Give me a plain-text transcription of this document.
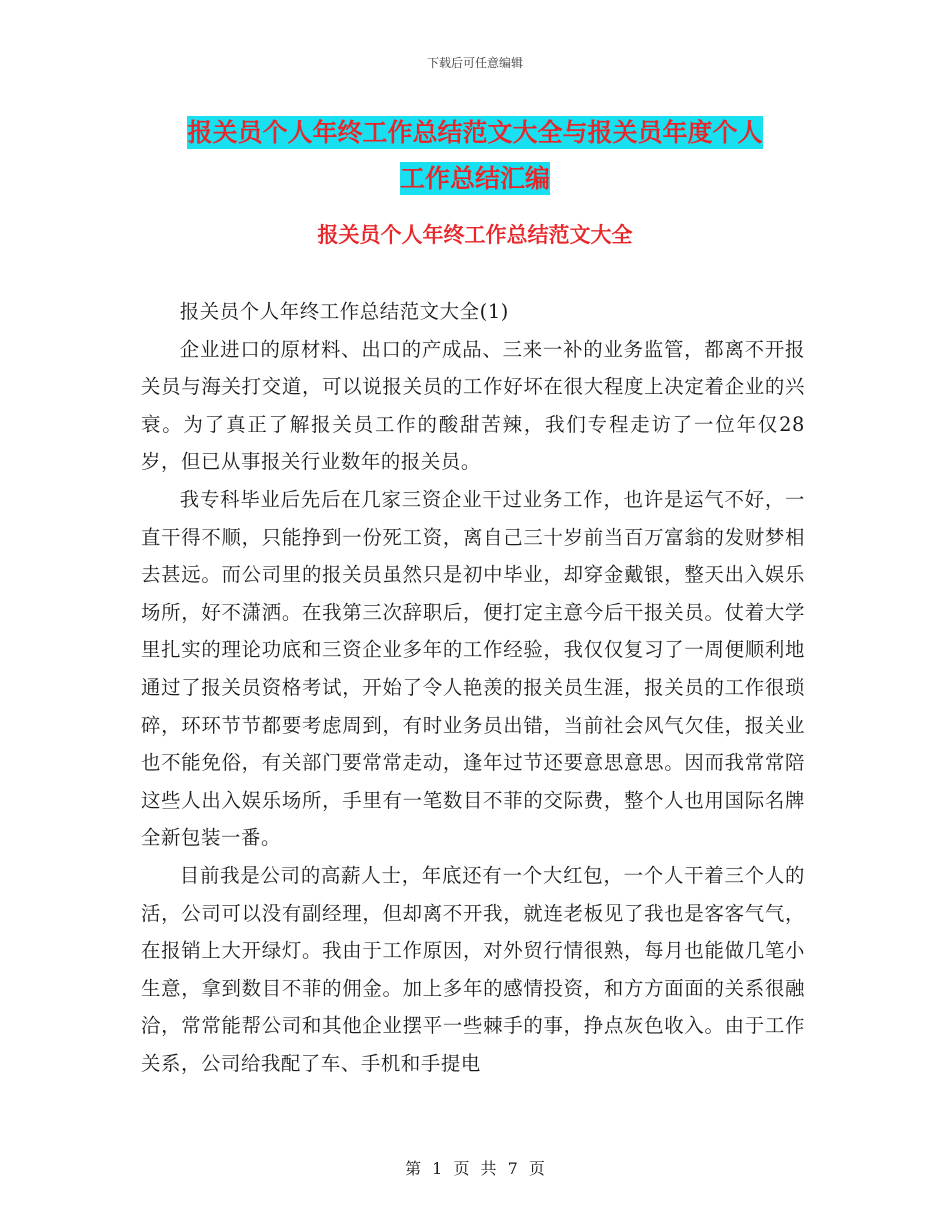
下载后可任意编辑
报关员个人年终工作总结范文大全与报关员年度个人
工作总结汇编
报关员个人年终工作总结范文大全

报关员个人年终工作总结范文大全(1)

企业进口的原材料、出口的产成品、三来一补的业务监管，都离不开报关员与海关打交道，可以说报关员的工作好坏在很大程度上决定着企业的兴衰。为了真正了解报关员工作的酸甜苦辣，我们专程走访了一位年仅28岁，但已从事报关行业数年的报关员。

我专科毕业后先后在几家三资企业干过业务工作，也许是运气不好，一直干得不顺，只能挣到一份死工资，离自己三十岁前当百万富翁的发财梦相去甚远。而公司里的报关员虽然只是初中毕业，却穿金戴银，整天出入娱乐场所，好不潇洒。在我第三次辞职后，便打定主意今后干报关员。仗着大学里扎实的理论功底和三资企业多年的工作经验，我仅仅复习了一周便顺利地通过了报关员资格考试，开始了令人艳羡的报关员生涯，报关员的工作很琐碎，环环节节都要考虑周到，有时业务员出错，当前社会风气欠佳，报关业也不能免俗，有关部门要常常走动，逢年过节还要意思意思。因而我常常陪这些人出入娱乐场所，手里有一笔数目不菲的交际费，整个人也用国际名牌全新包装一番。

目前我是公司的高薪人士，年底还有一个大红包，一个人干着三个人的活，公司可以没有副经理，但却离不开我，就连老板见了我也是客客气气，在报销上大开绿灯。我由于工作原因，对外贸行情很熟，每月也能做几笔小生意，拿到数目不菲的佣金。加上多年的感情投资，和方方面面的关系很融洽，常常能帮公司和其他企业摆平一些棘手的事，挣点灰色收入。由于工作关系，公司给我配了车、手机和手提电

第 1 页 共 7 页
